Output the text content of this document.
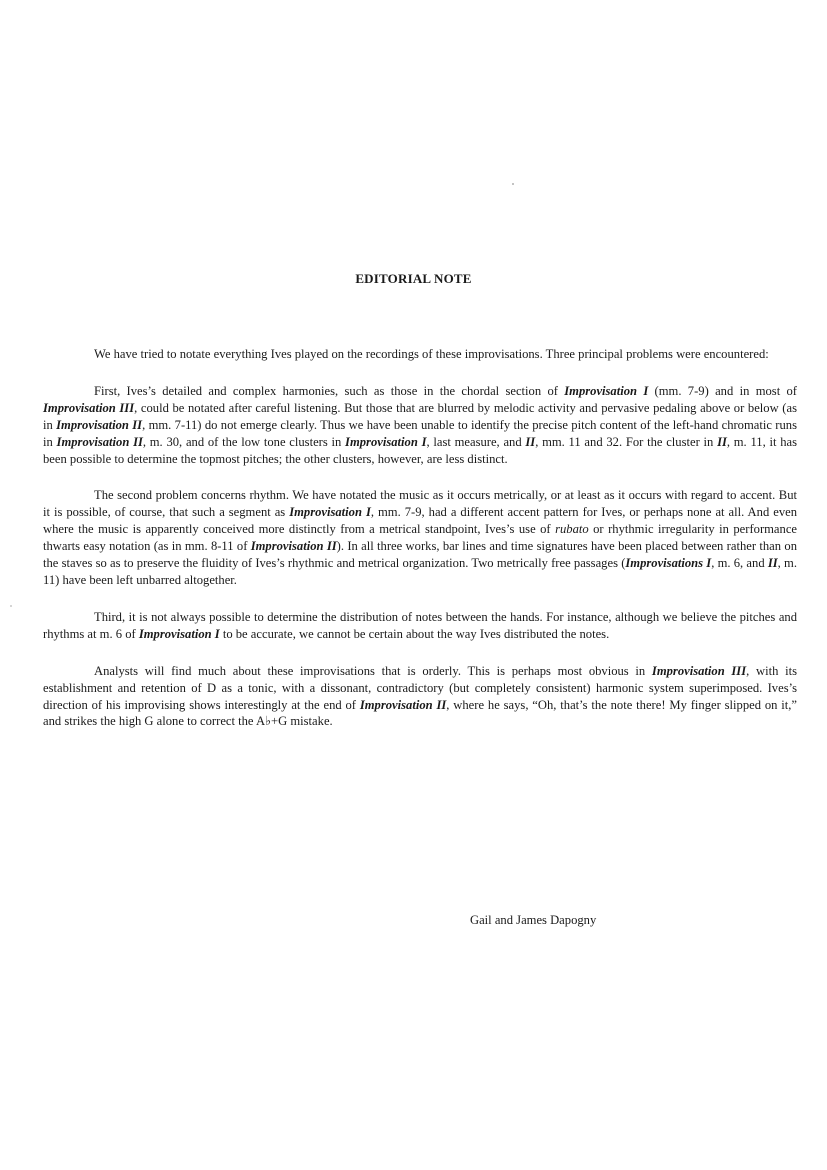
EDITORIAL NOTE

We have tried to notate everything Ives played on the recordings of these improvisations. Three principal problems were encountered:

First, Ives’s detailed and complex harmonies, such as those in the chordal section of Improvisation I (mm. 7-9) and in most of Improvisation III, could be notated after careful listening. But those that are blurred by melodic activity and pervasive pedaling above or below (as in Improvisation II, mm. 7-11) do not emerge clearly. Thus we have been unable to identify the precise pitch content of the left-hand chromatic runs in Improvisation II, m. 30, and of the low tone clusters in Improvisation I, last measure, and II, mm. 11 and 32. For the cluster in II, m. 11, it has been possible to determine the topmost pitches; the other clusters, however, are less distinct.

The second problem concerns rhythm. We have notated the music as it occurs metrically, or at least as it occurs with regard to accent. But it is possible, of course, that such a segment as Improvisation I, mm. 7-9, had a different accent pattern for Ives, or perhaps none at all. And even where the music is apparently conceived more distinctly from a metrical standpoint, Ives’s use of rubato or rhythmic irregularity in performance thwarts easy notation (as in mm. 8-11 of Improvisation II). In all three works, bar lines and time signatures have been placed between rather than on the staves so as to preserve the fluidity of Ives’s rhythmic and metrical organization. Two metrically free passages (Improvisations I, m. 6, and II, m. 11) have been left unbarred altogether.

Third, it is not always possible to determine the distribution of notes between the hands. For instance, although we believe the pitches and rhythms at m. 6 of Improvisation I to be accurate, we cannot be certain about the way Ives distributed the notes.

Analysts will find much about these improvisations that is orderly. This is perhaps most obvious in Improvisation III, with its establishment and retention of D as a tonic, with a dissonant, contradictory (but completely consistent) harmonic system superimposed. Ives’s direction of his improvising shows interestingly at the end of Improvisation II, where he says, “Oh, that’s the note there! My finger slipped on it,” and strikes the high G alone to correct the A♭+G mistake.

Gail and James Dapogny
